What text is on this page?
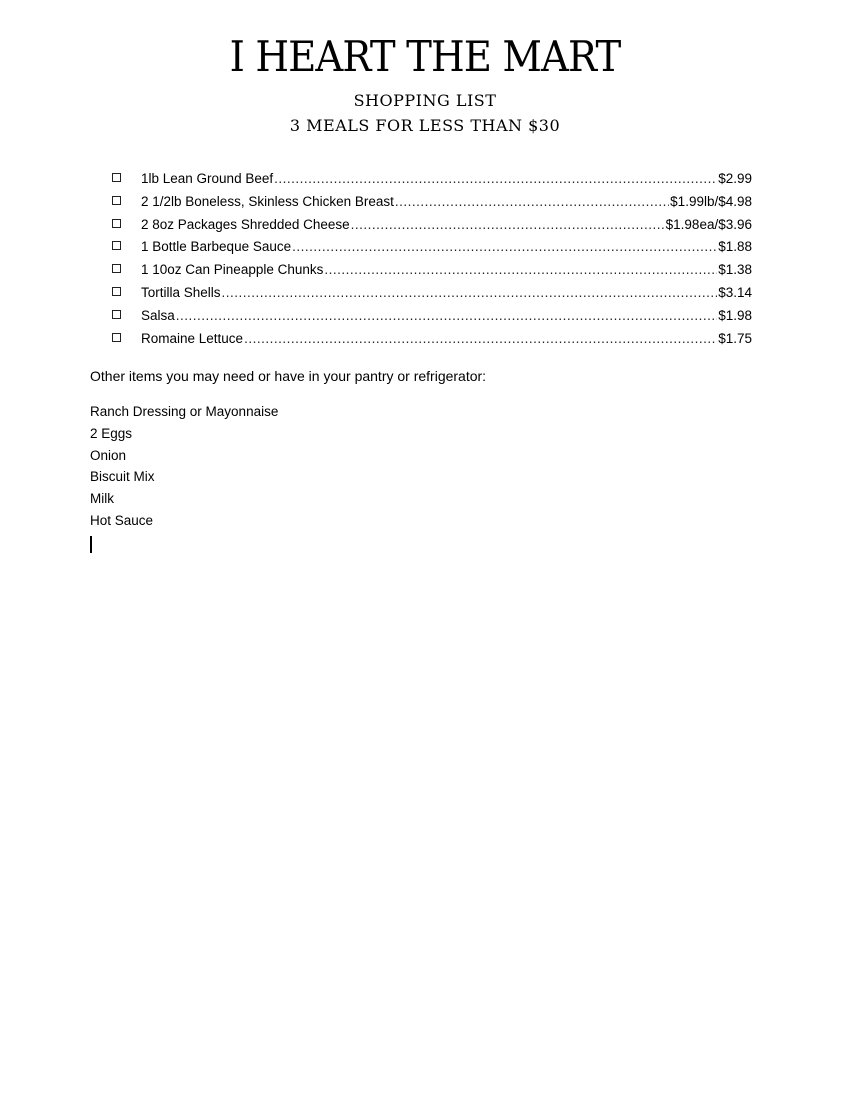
I HEART THE MART
SHOPPING LIST
3 MEALS FOR LESS THAN $30
1lb Lean Ground Beef .....	$2.99
2 1/2lb Boneless, Skinless Chicken Breast .....	$1.99lb/$4.98
2 8oz Packages Shredded Cheese .....	$1.98ea/$3.96
1 Bottle Barbeque Sauce .....	$1.88
1 10oz Can Pineapple Chunks .....	$1.38
Tortilla Shells .....	$3.14
Salsa .....	$1.98
Romaine Lettuce .....	$1.75
Other items you may need or have in your pantry or refrigerator:
Ranch Dressing or Mayonnaise
2 Eggs
Onion
Biscuit Mix
Milk
Hot Sauce
